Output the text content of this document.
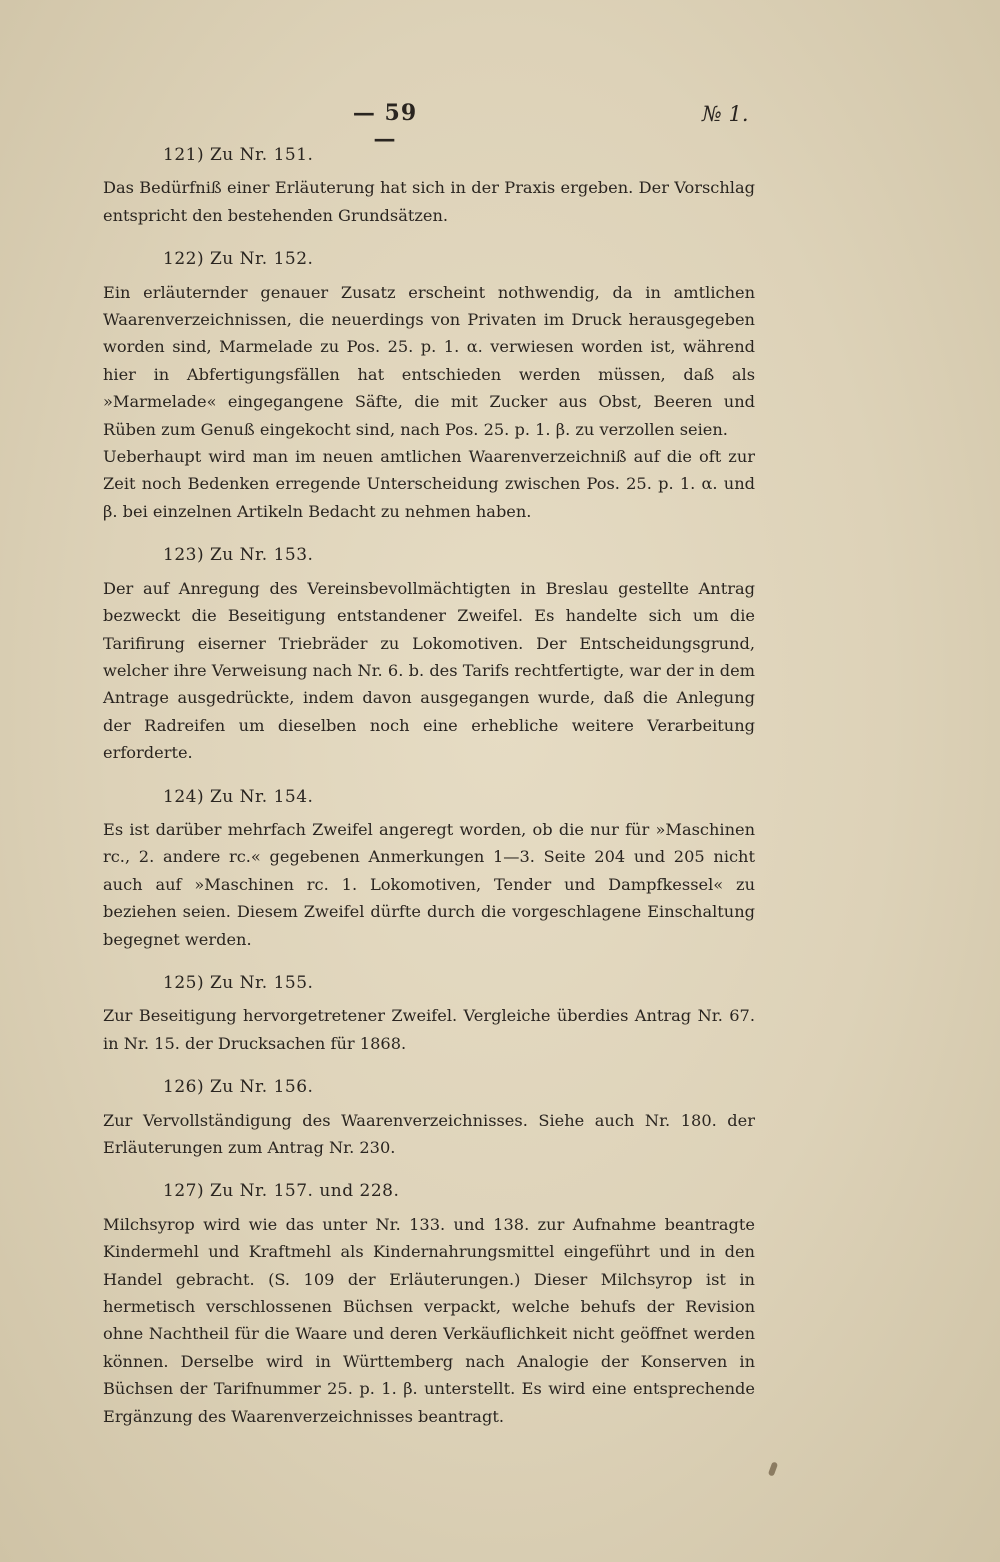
— 59 —
№ 1.
121) Zu Nr. 151.
Das Bedürfniß einer Erläuterung hat sich in der Praxis ergeben. Der Vorschlag entspricht den bestehenden Grundsätzen.
122) Zu Nr. 152.
Ein erläuternder genauer Zusatz erscheint nothwendig, da in amtlichen Waarenverzeichnissen, die neuerdings von Privaten im Druck herausgegeben worden sind, Marmelade zu Pos. 25. p. 1. α. verwiesen worden ist, während hier in Abfertigungsfällen hat entschieden werden müssen, daß als »Marmelade« eingegangene Säfte, die mit Zucker aus Obst, Beeren und Rüben zum Genuß eingekocht sind, nach Pos. 25. p. 1. β. zu verzollen seien.
Ueberhaupt wird man im neuen amtlichen Waarenverzeichniß auf die oft zur Zeit noch Bedenken erregende Unterscheidung zwischen Pos. 25. p. 1. α. und β. bei einzelnen Artikeln Bedacht zu nehmen haben.
123) Zu Nr. 153.
Der auf Anregung des Vereinsbevollmächtigten in Breslau gestellte Antrag bezweckt die Beseitigung entstandener Zweifel. Es handelte sich um die Tarifirung eiserner Triebräder zu Lokomotiven. Der Entscheidungsgrund, welcher ihre Verweisung nach Nr. 6. b. des Tarifs rechtfertigte, war der in dem Antrage ausgedrückte, indem davon ausgegangen wurde, daß die Anlegung der Radreifen um dieselben noch eine erhebliche weitere Verarbeitung erforderte.
124) Zu Nr. 154.
Es ist darüber mehrfach Zweifel angeregt worden, ob die nur für »Maschinen rc., 2. andere rc.« gegebenen Anmerkungen 1—3. Seite 204 und 205 nicht auch auf »Maschinen rc. 1. Lokomotiven, Tender und Dampfkessel« zu beziehen seien. Diesem Zweifel dürfte durch die vorgeschlagene Einschaltung begegnet werden.
125) Zu Nr. 155.
Zur Beseitigung hervorgetretener Zweifel. Vergleiche überdies Antrag Nr. 67. in Nr. 15. der Drucksachen für 1868.
126) Zu Nr. 156.
Zur Vervollständigung des Waarenverzeichnisses. Siehe auch Nr. 180. der Erläuterungen zum Antrag Nr. 230.
127) Zu Nr. 157. und 228.
Milchsyrop wird wie das unter Nr. 133. und 138. zur Aufnahme beantragte Kindermehl und Kraftmehl als Kindernahrungsmittel eingeführt und in den Handel gebracht. (S. 109 der Erläuterungen.) Dieser Milchsyrop ist in hermetisch verschlossenen Büchsen verpackt, welche behufs der Revision ohne Nachtheil für die Waare und deren Verkäuflichkeit nicht geöffnet werden können. Derselbe wird in Württemberg nach Analogie der Konserven in Büchsen der Tarifnummer 25. p. 1. β. unterstellt. Es wird eine entsprechende Ergänzung des Waarenverzeichnisses beantragt.
